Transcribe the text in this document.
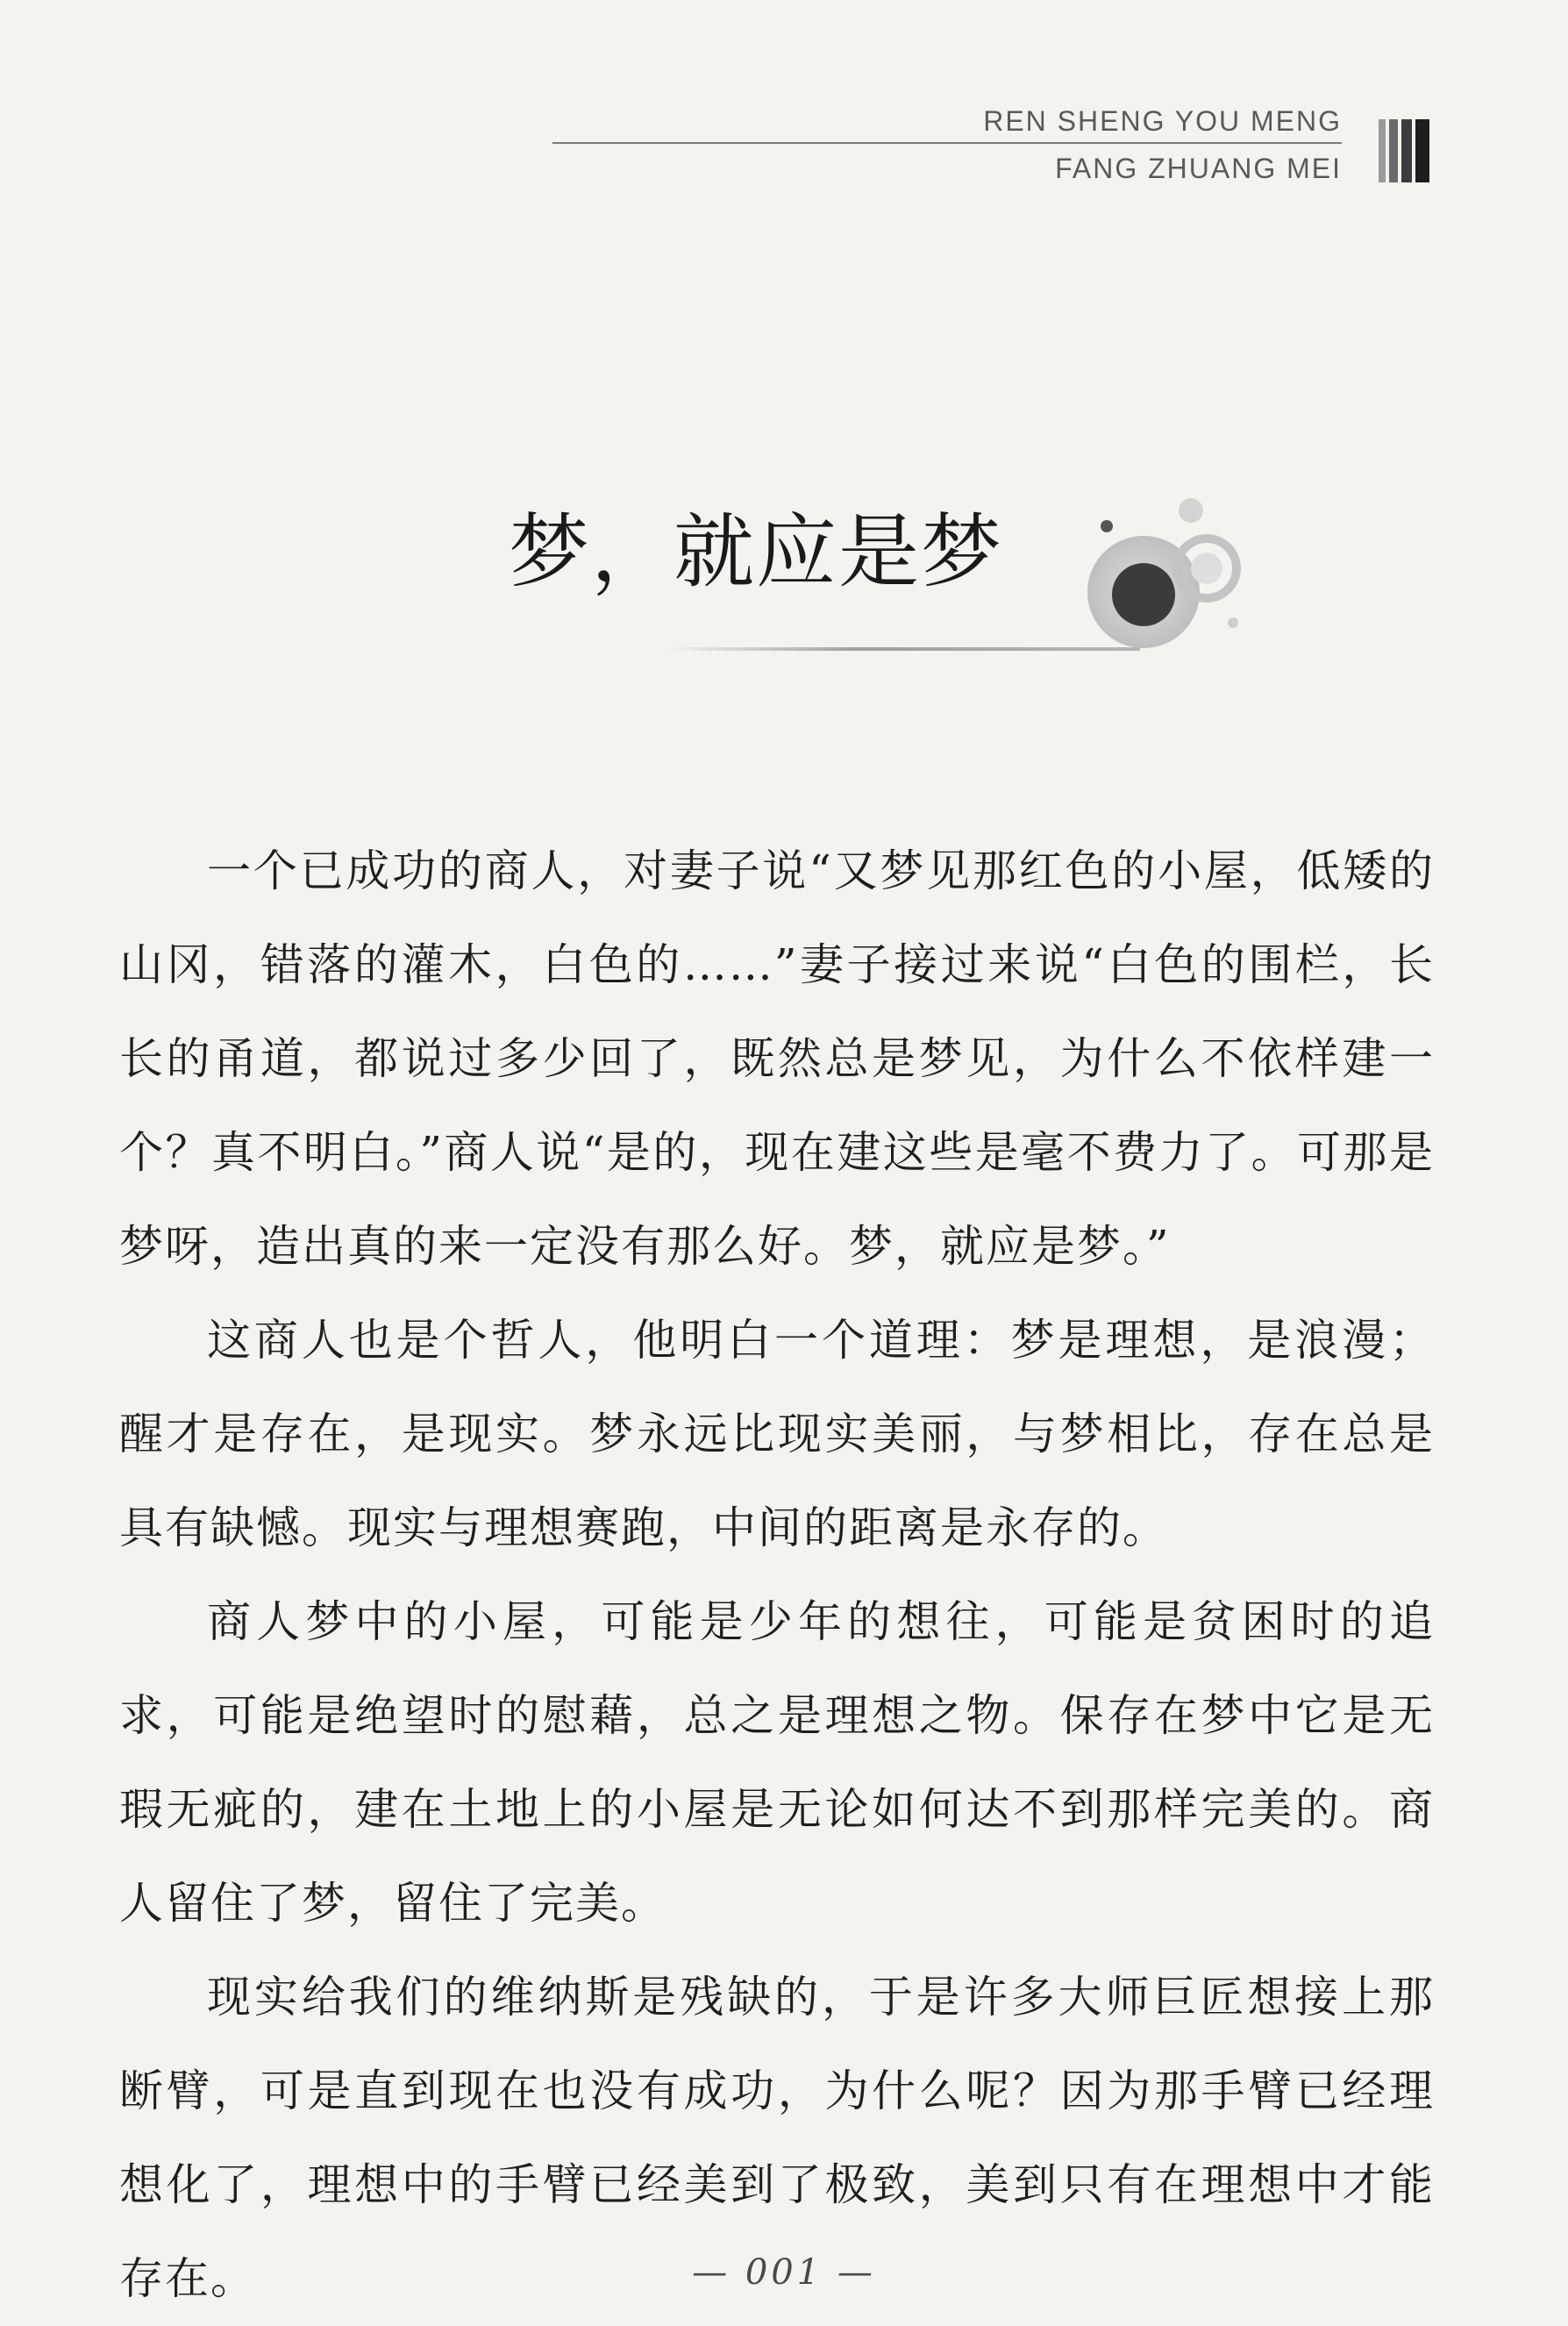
REN SHENG YOU MENG
FANG ZHUANG MEI
梦，就应是梦

一个已成功的商人，对妻子说“又梦见那红色的小屋，低矮的山冈，错落的灌木，白色的……”妻子接过来说“白色的围栏，长长的甬道，都说过多少回了，既然总是梦见，为什么不依样建一个？真不明白。”商人说“是的，现在建这些是毫不费力了。可那是梦呀，造出真的来一定没有那么好。梦，就应是梦。”

这商人也是个哲人，他明白一个道理：梦是理想，是浪漫；醒才是存在，是现实。梦永远比现实美丽，与梦相比，存在总是具有缺憾。现实与理想赛跑，中间的距离是永存的。

商人梦中的小屋，可能是少年的想往，可能是贫困时的追求，可能是绝望时的慰藉，总之是理想之物。保存在梦中它是无瑕无疵的，建在土地上的小屋是无论如何达不到那样完美的。商人留住了梦，留住了完美。

现实给我们的维纳斯是残缺的，于是许多大师巨匠想接上那断臂，可是直到现在也没有成功，为什么呢？因为那手臂已经理想化了，理想中的手臂已经美到了极致，美到只有在理想中才能存在。	— 001 —
